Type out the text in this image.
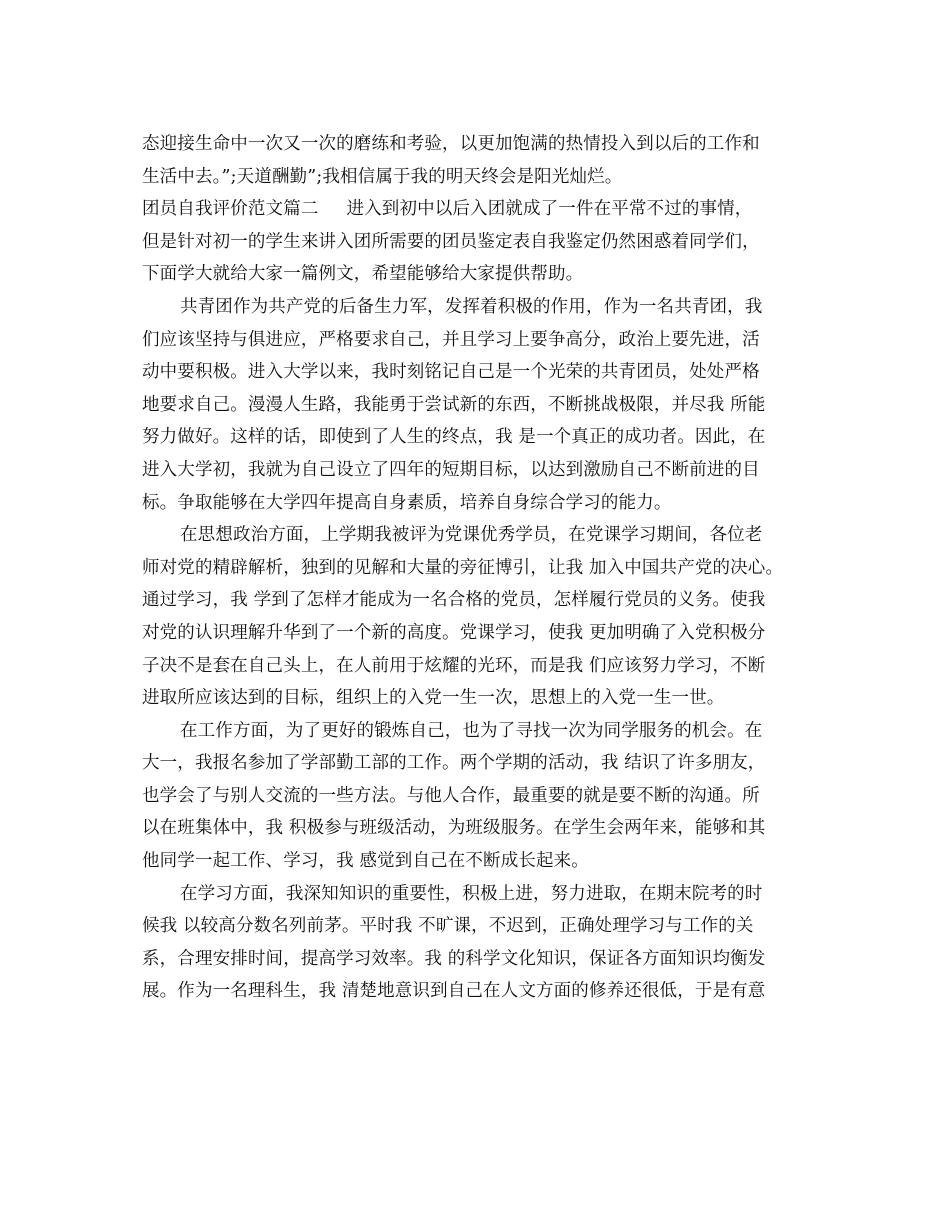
态迎接生命中一次又一次的磨练和考验，以更加饱满的热情投入到以后的工作和
生活中去。”;天道酬勤”;我相信属于我的明天终会是阳光灿烂。
团员自我评价范文篇二 进入到初中以后入团就成了一件在平常不过的事情，
但是针对初一的学生来讲入团所需要的团员鉴定表自我鉴定仍然困惑着同学们，
下面学大就给大家一篇例文，希望能够给大家提供帮助。
共青团作为共产党的后备生力军，发挥着积极的作用，作为一名共青团，我
们应该坚持与俱进应，严格要求自己，并且学习上要争高分，政治上要先进，活
动中要积极。进入大学以来，我时刻铭记自己是一个光荣的共青团员，处处严格
地要求自己。漫漫人生路，我能勇于尝试新的东西，不断挑战极限，并尽我 所能
努力做好。这样的话，即使到了人生的终点，我 是一个真正的成功者。因此，在
进入大学初，我就为自己设立了四年的短期目标，以达到激励自己不断前进的目
标。争取能够在大学四年提高自身素质，培养自身综合学习的能力。
在思想政治方面，上学期我被评为党课优秀学员，在党课学习期间，各位老
师对党的精辟解析，独到的见解和大量的旁征博引，让我 加入中国共产党的决心。
通过学习，我 学到了怎样才能成为一名合格的党员，怎样履行党员的义务。使我
对党的认识理解升华到了一个新的高度。党课学习，使我 更加明确了入党积极分
子决不是套在自己头上，在人前用于炫耀的光环，而是我 们应该努力学习，不断
进取所应该达到的目标，组织上的入党一生一次，思想上的入党一生一世。
在工作方面，为了更好的锻炼自己，也为了寻找一次为同学服务的机会。在
大一，我报名参加了学部勤工部的工作。两个学期的活动，我 结识了许多朋友，
也学会了与别人交流的一些方法。与他人合作，最重要的就是要不断的沟通。所
以在班集体中，我 积极参与班级活动，为班级服务。在学生会两年来，能够和其
他同学一起工作、学习，我 感觉到自己在不断成长起来。
在学习方面，我深知知识的重要性，积极上进，努力进取，在期末院考的时
候我 以较高分数名列前茅。平时我 不旷课，不迟到，正确处理学习与工作的关
系，合理安排时间，提高学习效率。我 的科学文化知识，保证各方面知识均衡发
展。作为一名理科生，我 清楚地意识到自己在人文方面的修养还很低，于是有意
